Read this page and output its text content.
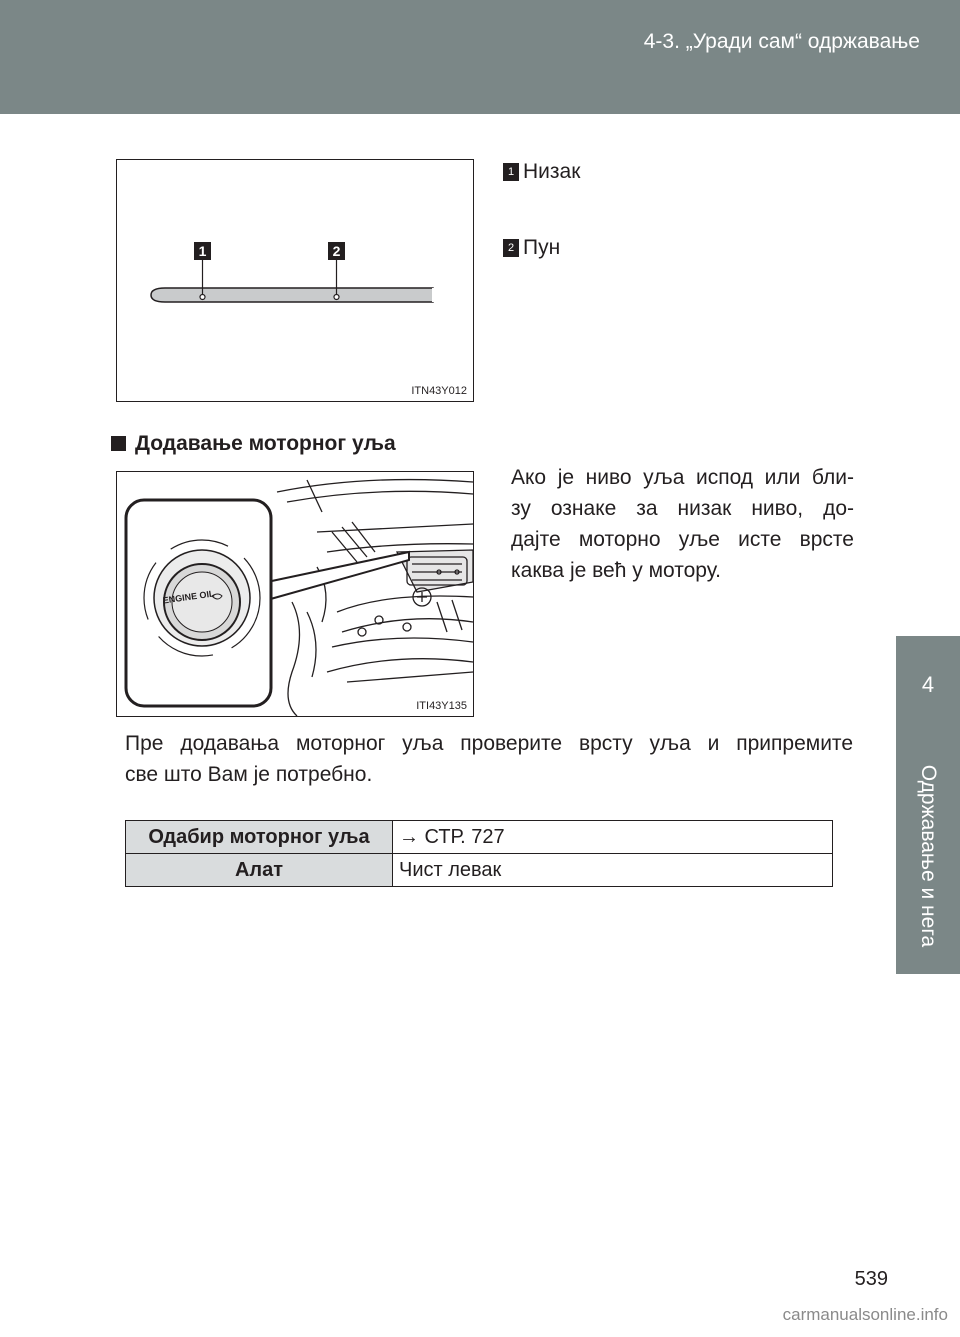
4-3. „Уради сам“ одржавање
4
Одржавање и нега
1	2
ITN43Y012
1 Низак
2 Пун
Додавање моторног уља
ENGINE OIL
ITI43Y135
Ако је ниво уља испод или бли-
зу ознаке за низак ниво, до-
дајте моторно уље исте врсте
каква је већ у мотору.
Пре додавања моторног уља проверите врсту уља и припремите
све што Вам је потребно.
Одабир моторног уља	→ СТР. 727
Алат	Чист левак
539
carmanualsonline.info
